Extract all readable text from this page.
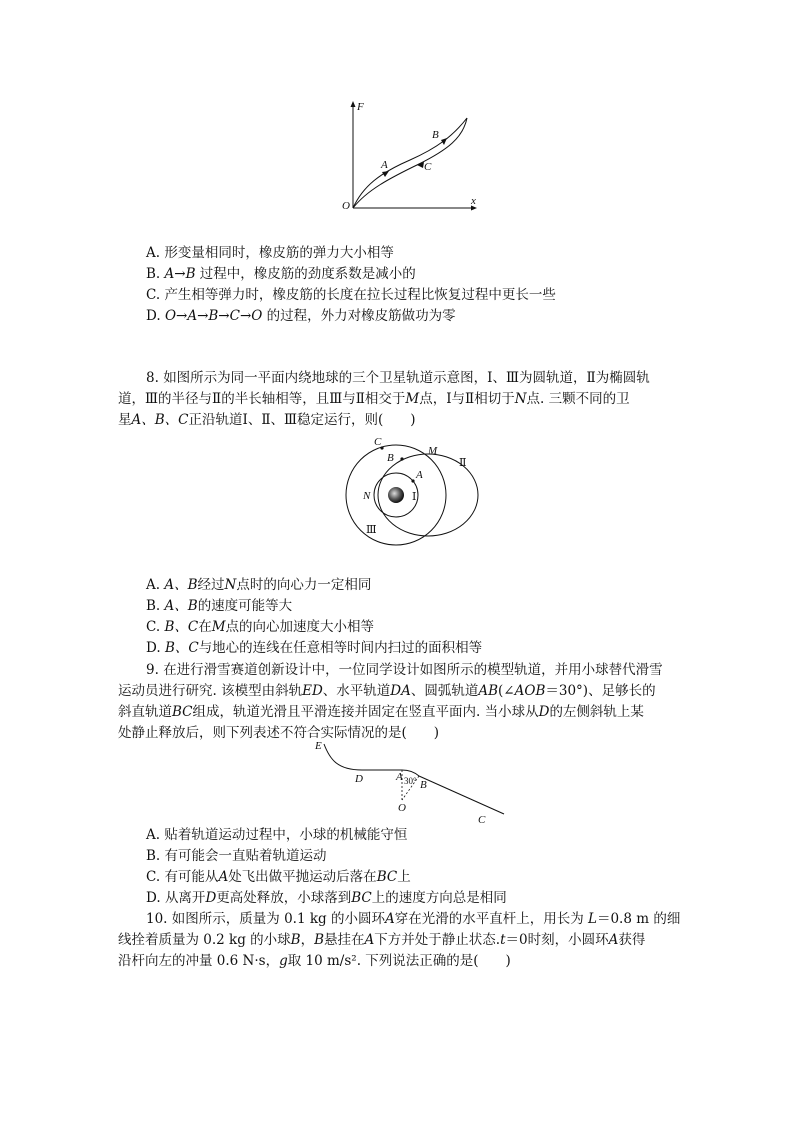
F
x
O
A
B
C
A. 形变量相同时，橡皮筋的弹力大小相等
B. A→B 过程中，橡皮筋的劲度系数是减小的
C. 产生相等弹力时，橡皮筋的长度在拉长过程比恢复过程中更长一些
D. O→A→B→C→O 的过程，外力对橡皮筋做功为零
8. 如图所示为同一平面内绕地球的三个卫星轨道示意图，Ⅰ、Ⅲ为圆轨道，Ⅱ为椭圆轨
道，Ⅲ的半径与Ⅱ的半长轴相等，且Ⅲ与Ⅱ相交于M点，Ⅰ与Ⅱ相切于N点. 三颗不同的卫
星A、B、C正沿轨道Ⅰ、Ⅱ、Ⅲ稳定运行，则(　　)
C
B
M
Ⅱ
A
N	Ⅰ
Ⅲ
A. A、B经过N点时的向心力一定相同
B. A、B的速度可能等大
C. B、C在M点的向心加速度大小相等
D. B、C与地心的连线在任意相等时间内扫过的面积相等
9. 在进行滑雪赛道创新设计中，一位同学设计如图所示的模型轨道，并用小球替代滑雪
运动员进行研究. 该模型由斜轨ED、水平轨道DA、圆弧轨道AB(∠AOB＝30°)、足够长的
斜直轨道BC组成，轨道光滑且平滑连接并固定在竖直平面内. 当小球从D的左侧斜轨上某
处静止释放后，则下列表述不符合实际情况的是(　　)
E
D	A 30° B
O
C
A. 贴着轨道运动过程中，小球的机械能守恒
B. 有可能会一直贴着轨道运动
C. 有可能从A处飞出做平抛运动后落在BC上
D. 从离开D更高处释放，小球落到BC上的速度方向总是相同
10. 如图所示，质量为 0.1 kg 的小圆环A穿在光滑的水平直杆上，用长为 L＝0.8 m 的细
线拴着质量为 0.2 kg 的小球B，B悬挂在A下方并处于静止状态.t＝0时刻，小圆环A获得
沿杆向左的冲量 0.6 N·s，g取 10 m/s². 下列说法正确的是(　　)
